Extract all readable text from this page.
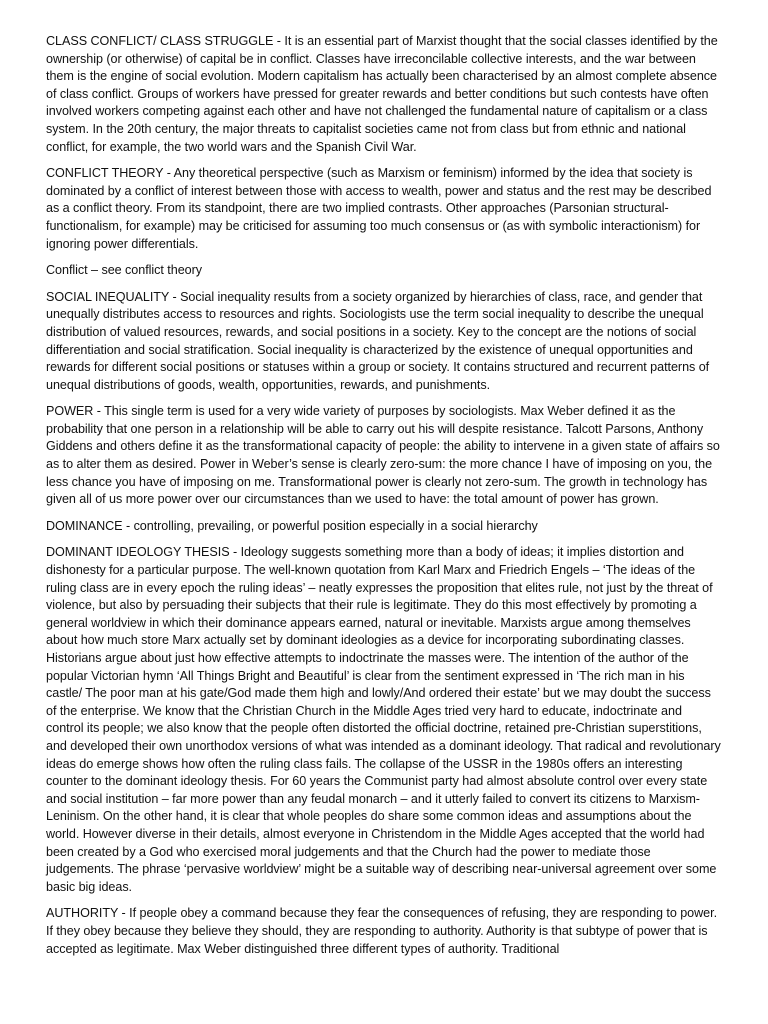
CLASS CONFLICT/ CLASS STRUGGLE - It is an essential part of Marxist thought that the social classes identified by the ownership (or otherwise) of capital be in conflict. Classes have irreconcilable collective interests, and the war between them is the engine of social evolution. Modern capitalism has actually been characterised by an almost complete absence of class conflict. Groups of workers have pressed for greater rewards and better conditions but such contests have often involved workers competing against each other and have not challenged the fundamental nature of capitalism or a class system. In the 20th century, the major threats to capitalist societies came not from class but from ethnic and national conflict, for example, the two world wars and the Spanish Civil War.

CONFLICT THEORY - Any theoretical perspective (such as Marxism or feminism) informed by the idea that society is dominated by a conflict of interest between those with access to wealth, power and status and the rest may be described as a conflict theory. From its standpoint, there are two implied contrasts. Other approaches (Parsonian structural-functionalism, for example) may be criticised for assuming too much consensus or (as with symbolic interactionism) for ignoring power differentials.

Conflict – see conflict theory

SOCIAL INEQUALITY - Social inequality results from a society organized by hierarchies of class, race, and gender that unequally distributes access to resources and rights. Sociologists use the term social inequality to describe the unequal distribution of valued resources, rewards, and social positions in a society. Key to the concept are the notions of social differentiation and social stratification. Social inequality is characterized by the existence of unequal opportunities and rewards for different social positions or statuses within a group or society. It contains structured and recurrent patterns of unequal distributions of goods, wealth, opportunities, rewards, and punishments.

POWER - This single term is used for a very wide variety of purposes by sociologists. Max Weber defined it as the probability that one person in a relationship will be able to carry out his will despite resistance. Talcott Parsons, Anthony Giddens and others define it as the transformational capacity of people: the ability to intervene in a given state of affairs so as to alter them as desired. Power in Weber’s sense is clearly zero-sum: the more chance I have of imposing on you, the less chance you have of imposing on me. Transformational power is clearly not zero-sum. The growth in technology has given all of us more power over our circumstances than we used to have: the total amount of power has grown.

DOMINANCE - controlling, prevailing, or powerful position especially in a social hierarchy

DOMINANT IDEOLOGY THESIS - Ideology suggests something more than a body of ideas; it implies distortion and dishonesty for a particular purpose. The well-known quotation from Karl Marx and Friedrich Engels – ‘The ideas of the ruling class are in every epoch the ruling ideas’ – neatly expresses the proposition that elites rule, not just by the threat of violence, but also by persuading their subjects that their rule is legitimate. They do this most effectively by promoting a general worldview in which their dominance appears earned, natural or inevitable. Marxists argue among themselves about how much store Marx actually set by dominant ideologies as a device for incorporating subordinating classes. Historians argue about just how effective attempts to indoctrinate the masses were. The intention of the author of the popular Victorian hymn ‘All Things Bright and Beautiful’ is clear from the sentiment expressed in ‘The rich man in his castle/ The poor man at his gate/God made them high and lowly/And ordered their estate’ but we may doubt the success of the enterprise. We know that the Christian Church in the Middle Ages tried very hard to educate, indoctrinate and control its people; we also know that the people often distorted the official doctrine, retained pre-Christian superstitions, and developed their own unorthodox versions of what was intended as a dominant ideology. That radical and revolutionary ideas do emerge shows how often the ruling class fails. The collapse of the USSR in the 1980s offers an interesting counter to the dominant ideology thesis. For 60 years the Communist party had almost absolute control over every state and social institution – far more power than any feudal monarch – and it utterly failed to convert its citizens to Marxism-Leninism. On the other hand, it is clear that whole peoples do share some common ideas and assumptions about the world. However diverse in their details, almost everyone in Christendom in the Middle Ages accepted that the world had been created by a God who exercised moral judgements and that the Church had the power to mediate those judgements. The phrase ‘pervasive worldview’ might be a suitable way of describing near-universal agreement over some basic big ideas.

AUTHORITY - If people obey a command because they fear the consequences of refusing, they are responding to power. If they obey because they believe they should, they are responding to authority. Authority is that subtype of power that is accepted as legitimate. Max Weber distinguished three different types of authority. Traditional
